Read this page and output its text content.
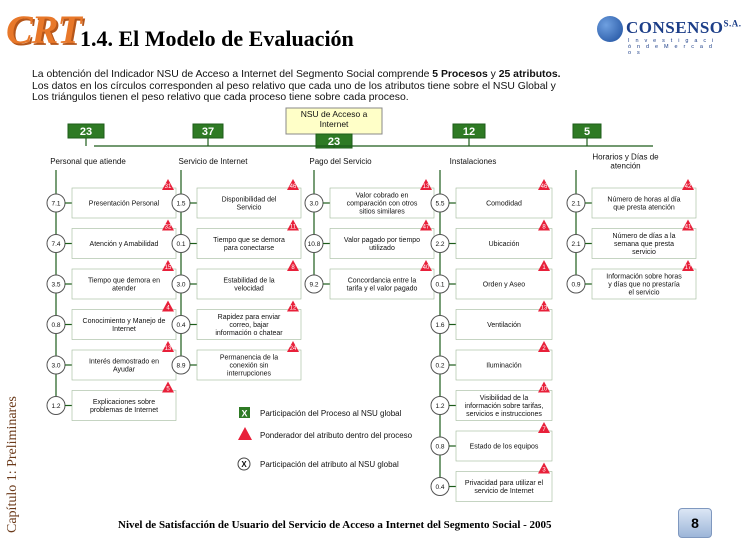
CRT 1.4. El Modelo de Evaluación	$CONSENSO^{S.A.}$
I n v e s t i g a c i ó n d e M e r c a d o s
La obtención del Indicador NSU de Acceso a Internet del Segmento Social comprende 5 Procesos y 25 atributos.
Los datos en los círculos corresponden al peso relativo que cada uno de los atributos tiene sobre el NSU Global y
Los triángulos tienen el peso relativo que cada proceso tiene sobre cada proceso.
Capítulo 1: Preliminares
NSU de Acceso a
Internet
23
23
Personal que atiende
37
Servicio de Internet	Pago del Servicio
12
Instalaciones
5
Horarios y Días de
atención
7.1	Presentación Personal
31
7.4	Atención y Amabilidad
32
3.5
Tiempo que demora en
atender
15
0.8
Conocimiento y Manejo de
Internet
4
3.0
Interés demostrado en
Ayudar
13
1.2
Explicaciones sobre
problemas de Internet
5
1.5
Disponibilidad del
Servicio
46
0.1
Tiempo que se demora
para conectarse
11
3.0
Estabilidad de la
velocidad
8
0.4
Rapidez para enviar
correo, bajar
información o chatear
12
8.9
Permanencia de la
conexión sin
interrupciones
24
3.0
Valor cobrado en
comparación con otros
sitios similares
13
10.8
Valor pagado por tiempo
utilizado
47
9.2
Concordancia entre la
tarifa y el valor pagado
40
5.5	Comodidad
46
2.2	Ubicación
8
0.1	Orden y Aseo
1
1.6	Ventilación
13
0.2	Iluminación
2
1.2
Visibilidad de la
información sobre tarifas,
servicios e instrucciones
10
0.8	Estado de los equipos
7
0.4
Privacidad para utilizar el
servicio de Internet
3
2.1
Número de horas al día
que presta atención
42
2.1
Número de días a la
semana que presta
servicio
41
0.9
Información sobre horas
y días que no prestaría
el servicio
17
X Participación del Proceso al NSU global
Ponderador del atributo dentro del proceso
X Participación del atributo al NSU global
Nivel de Satisfacción de Usuario del Servicio de Acceso a Internet del Segmento Social - 2005	8
